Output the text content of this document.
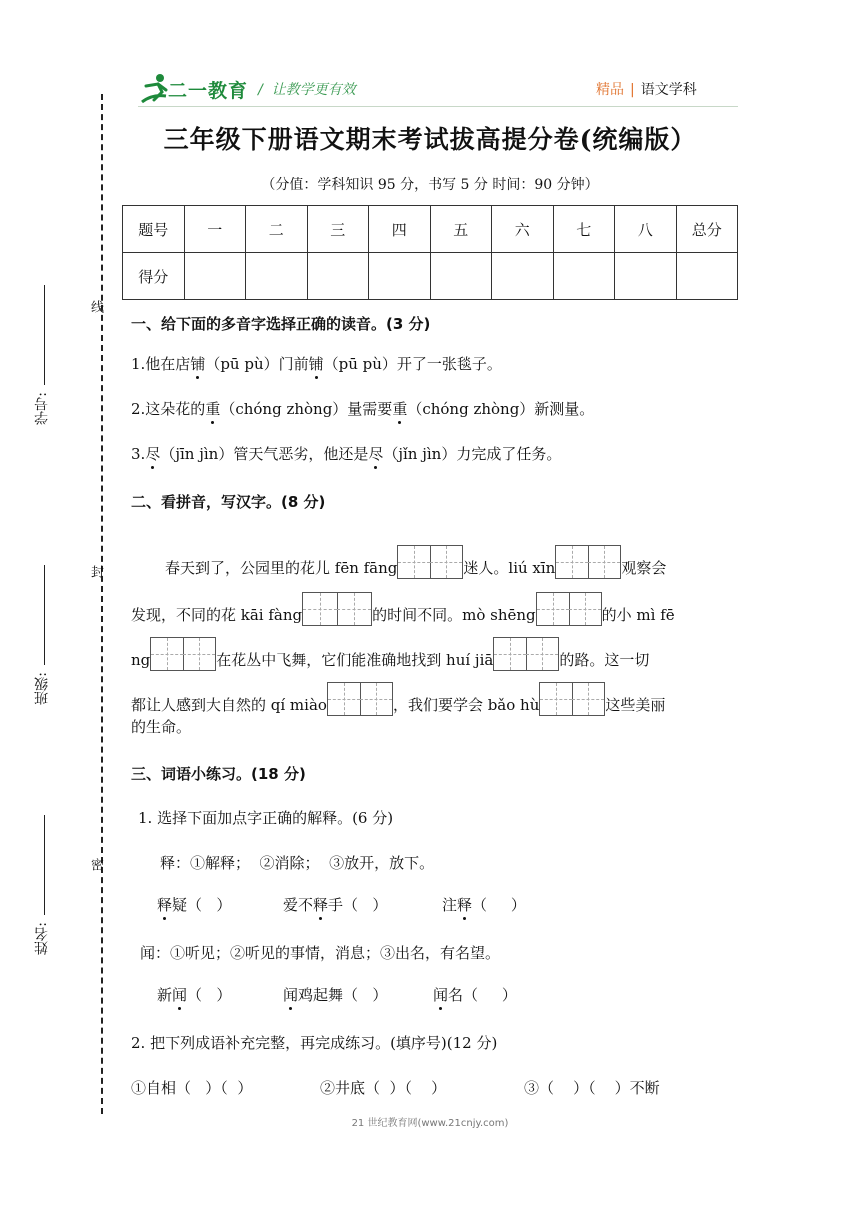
线
封
密
学号:
班级:
姓名:
二一教育 /  让教学更有效	精品 | 语文学科
三年级下册语文期末考试拔高提分卷(统编版）
（分值：学科知识 95 分，书写 5 分 时间：90 分钟）
题号	一	二	三	四	五	六	七	八	总分
得分									
一、给下面的多音字选择正确的读音。(3 分)
1.他在店铺（pū pù）门前铺（pū pù）开了一张毯子。
2.这朵花的重（chóng zhòng）量需要重（chóng zhòng）新测量。
3.尽（jīn jìn）管天气恶劣，他还是尽（jǐn jìn）力完成了任务。
二、看拼音，写汉字。(8 分)
春天到了，公园里的花儿 fēn fāng	迷人。liú xīn	观察会
发现，不同的花 kāi fàng	的时间不同。mò shēng	的小 mì fē
ng	在花丛中飞舞，它们能准确地找到 huí jiā	的路。这一切
都让人感到大自然的 qí miào	，我们要学会 bǎo hù	这些美丽
的生命。
三、词语小练习。(18 分)
1. 选择下面加点字正确的解释。(6 分)
释：①解释；  ②消除；  ③放开，放下。
释疑（   ）	爱不释手（   ）	注释（     ）
闻：①听见；②听见的事情，消息；③出名，有名望。
新闻（   ）	闻鸡起舞（   ）	闻名（     ）
2. 把下列成语补充完整，再完成练习。(填序号)(12 分)
①自相（   ）（  ）	②井底（  ）（    ）	③（    ）（    ）不断
21 世纪教育网(www.21cnjy.com)
